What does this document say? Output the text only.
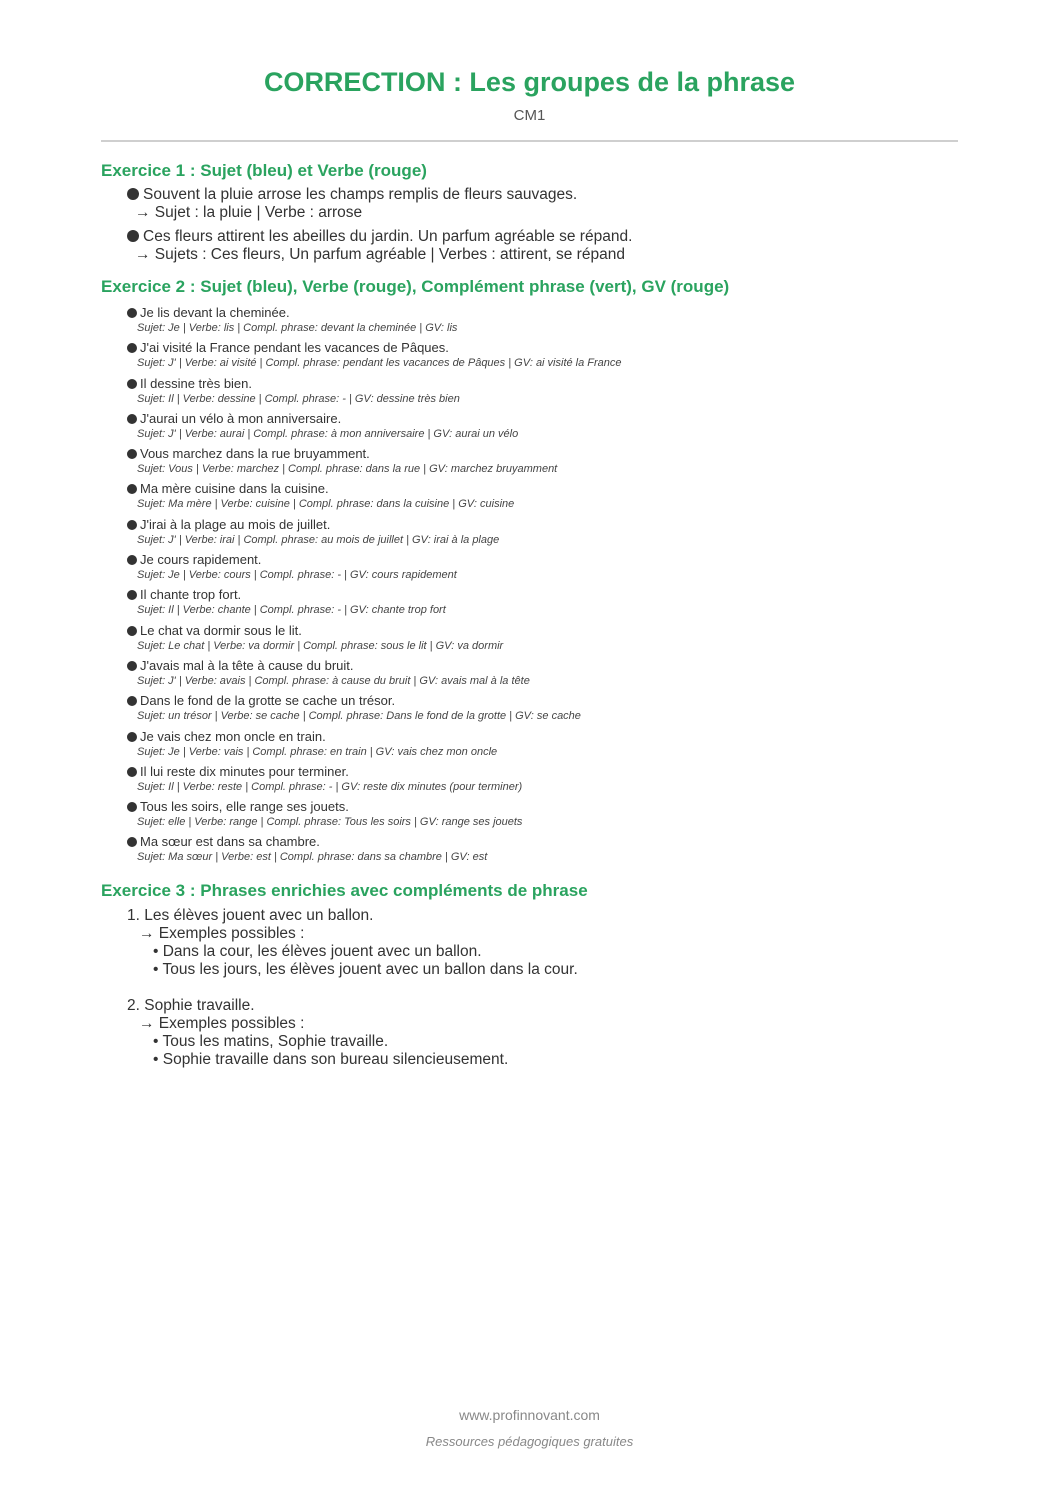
CORRECTION : Les groupes de la phrase
CM1
Exercice 1 : Sujet (bleu) et Verbe (rouge)
Souvent la pluie arrose les champs remplis de fleurs sauvages.
→ Sujet : la pluie | Verbe : arrose
Ces fleurs attirent les abeilles du jardin. Un parfum agréable se répand.
→ Sujets : Ces fleurs, Un parfum agréable | Verbes : attirent, se répand
Exercice 2 : Sujet (bleu), Verbe (rouge), Complément phrase (vert), GV (rouge)
Je lis devant la cheminée.
Sujet: Je | Verbe: lis | Compl. phrase: devant la cheminée | GV: lis
J'ai visité la France pendant les vacances de Pâques.
Sujet: J' | Verbe: ai visité | Compl. phrase: pendant les vacances de Pâques | GV: ai visité la France
Il dessine très bien.
Sujet: Il | Verbe: dessine | Compl. phrase: - | GV: dessine très bien
J'aurai un vélo à mon anniversaire.
Sujet: J' | Verbe: aurai | Compl. phrase: à mon anniversaire | GV: aurai un vélo
Vous marchez dans la rue bruyamment.
Sujet: Vous | Verbe: marchez | Compl. phrase: dans la rue | GV: marchez bruyamment
Ma mère cuisine dans la cuisine.
Sujet: Ma mère | Verbe: cuisine | Compl. phrase: dans la cuisine | GV: cuisine
J'irai à la plage au mois de juillet.
Sujet: J' | Verbe: irai | Compl. phrase: au mois de juillet | GV: irai à la plage
Je cours rapidement.
Sujet: Je | Verbe: cours | Compl. phrase: - | GV: cours rapidement
Il chante trop fort.
Sujet: Il | Verbe: chante | Compl. phrase: - | GV: chante trop fort
Le chat va dormir sous le lit.
Sujet: Le chat | Verbe: va dormir | Compl. phrase: sous le lit | GV: va dormir
J'avais mal à la tête à cause du bruit.
Sujet: J' | Verbe: avais | Compl. phrase: à cause du bruit | GV: avais mal à la tête
Dans le fond de la grotte se cache un trésor.
Sujet: un trésor | Verbe: se cache | Compl. phrase: Dans le fond de la grotte | GV: se cache
Je vais chez mon oncle en train.
Sujet: Je | Verbe: vais | Compl. phrase: en train | GV: vais chez mon oncle
Il lui reste dix minutes pour terminer.
Sujet: Il | Verbe: reste | Compl. phrase: - | GV: reste dix minutes (pour terminer)
Tous les soirs, elle range ses jouets.
Sujet: elle | Verbe: range | Compl. phrase: Tous les soirs | GV: range ses jouets
Ma sœur est dans sa chambre.
Sujet: Ma sœur | Verbe: est | Compl. phrase: dans sa chambre | GV: est
Exercice 3 : Phrases enrichies avec compléments de phrase
1. Les élèves jouent avec un ballon.
→ Exemples possibles :
• Dans la cour, les élèves jouent avec un ballon.
• Tous les jours, les élèves jouent avec un ballon dans la cour.
2. Sophie travaille.
→ Exemples possibles :
• Tous les matins, Sophie travaille.
• Sophie travaille dans son bureau silencieusement.
www.profinnovant.com
Ressources pédagogiques gratuites
